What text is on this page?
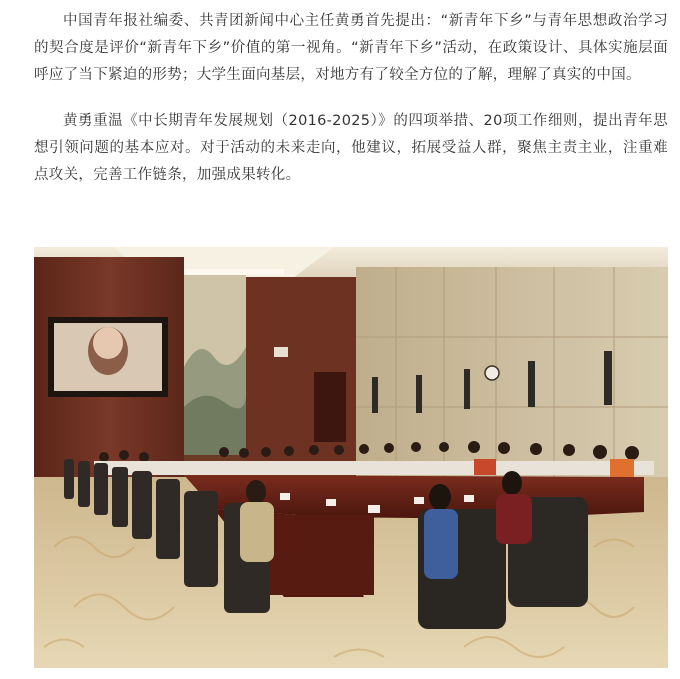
中国青年报社编委、共青团新闻中心主任黄勇首先提出：“新青年下乡”与青年思想政治学习的契合度是评价“新青年下乡”价值的第一视角。“新青年下乡”活动，在政策设计、具体实施层面呼应了当下紧迫的形势；大学生面向基层，对地方有了较全方位的了解，理解了真实的中国。

黄勇重温《中长期青年发展规划（2016-2025）》的四项举措、20项工作细则，提出青年思想引领问题的基本应对。对于活动的未来走向，他建议，拓展受益人群，聚焦主责主业，注重难点攻关，完善工作链条，加强成果转化。
